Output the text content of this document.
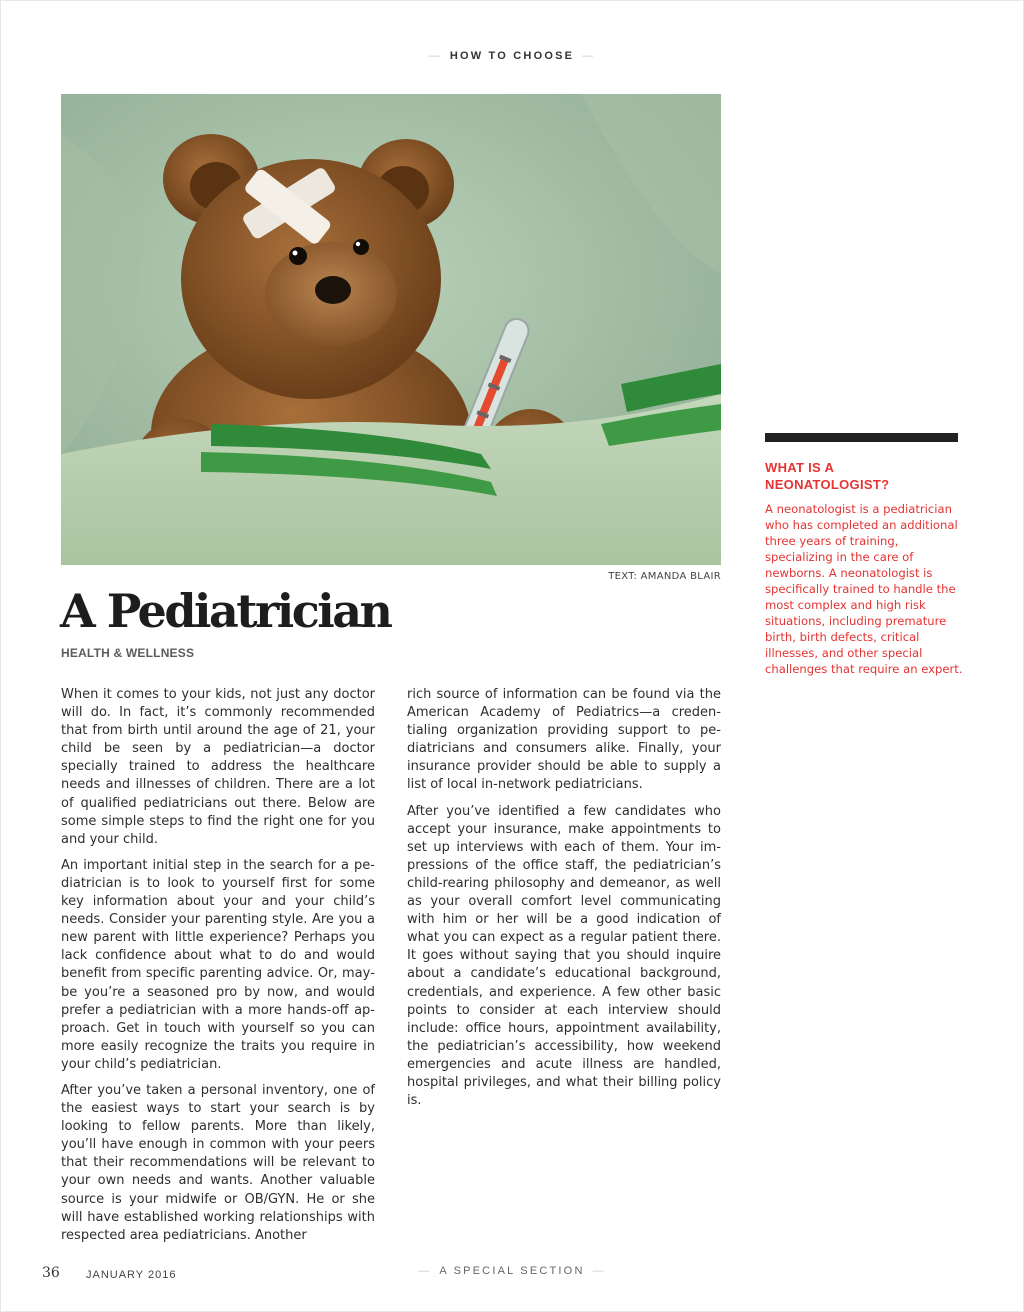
— HOW TO CHOOSE —
TEXT: AMANDA BLAIR
A Pediatrician
HEALTH & WELLNESS

When it comes to your kids, not just any doctor will do. In fact, it’s commonly recommended that from birth until around the age of 21, your child be seen by a pediatrician—a doctor specially trained to address the healthcare needs and illnesses of children. There are a lot of qualified pediatricians out there. Below are some simple steps to find the right one for you and your child.

An important initial step in the search for a pediatrician is to look to yourself first for some key information about your and your child’s needs. Consider your parenting style. Are you a new parent with little experience? Perhaps you lack confidence about what to do and would benefit from specific parenting advice. Or, maybe you’re a seasoned pro by now, and would prefer a pediatrician with a more hands-off approach. Get in touch with yourself so you can more easily recognize the traits you require in your child’s pediatrician.

After you’ve taken a personal inventory, one of the easiest ways to start your search is by looking to fellow parents. More than likely, you’ll have enough in common with your peers that their recommendations will be relevant to your own needs and wants. Another valuable source is your midwife or OB/GYN. He or she will have established working relationships with respected area pediatricians. Another

rich source of information can be found via the American Academy of Pediatrics—a credentialing organization providing support to pediatricians and consumers alike. Finally, your insurance provider should be able to supply a list of local in-network pediatricians.

After you’ve identified a few candidates who accept your insurance, make appointments to set up interviews with each of them. Your impressions of the office staff, the pediatrician’s child-rearing philosophy and demeanor, as well as your overall comfort level communicating with him or her will be a good indication of what you can expect as a regular patient there. It goes without saying that you should inquire about a candidate’s educational background, credentials, and experience. A few other basic points to consider at each interview should include: office hours, appointment availability, the pediatrician’s accessibility, how weekend emergencies and acute illness are handled, hospital privileges, and what their billing policy is.

WHAT IS A NEONATOLOGIST?
A neonatologist is a pediatrician who has completed an additional three years of training, specializing in the care of newborns. A neonatologist is specifically trained to handle the most complex and high risk situations, including premature birth, birth defects, critical illnesses, and other special challenges that require an expert.
36 JANUARY 2016	— A SPECIAL SECTION —
